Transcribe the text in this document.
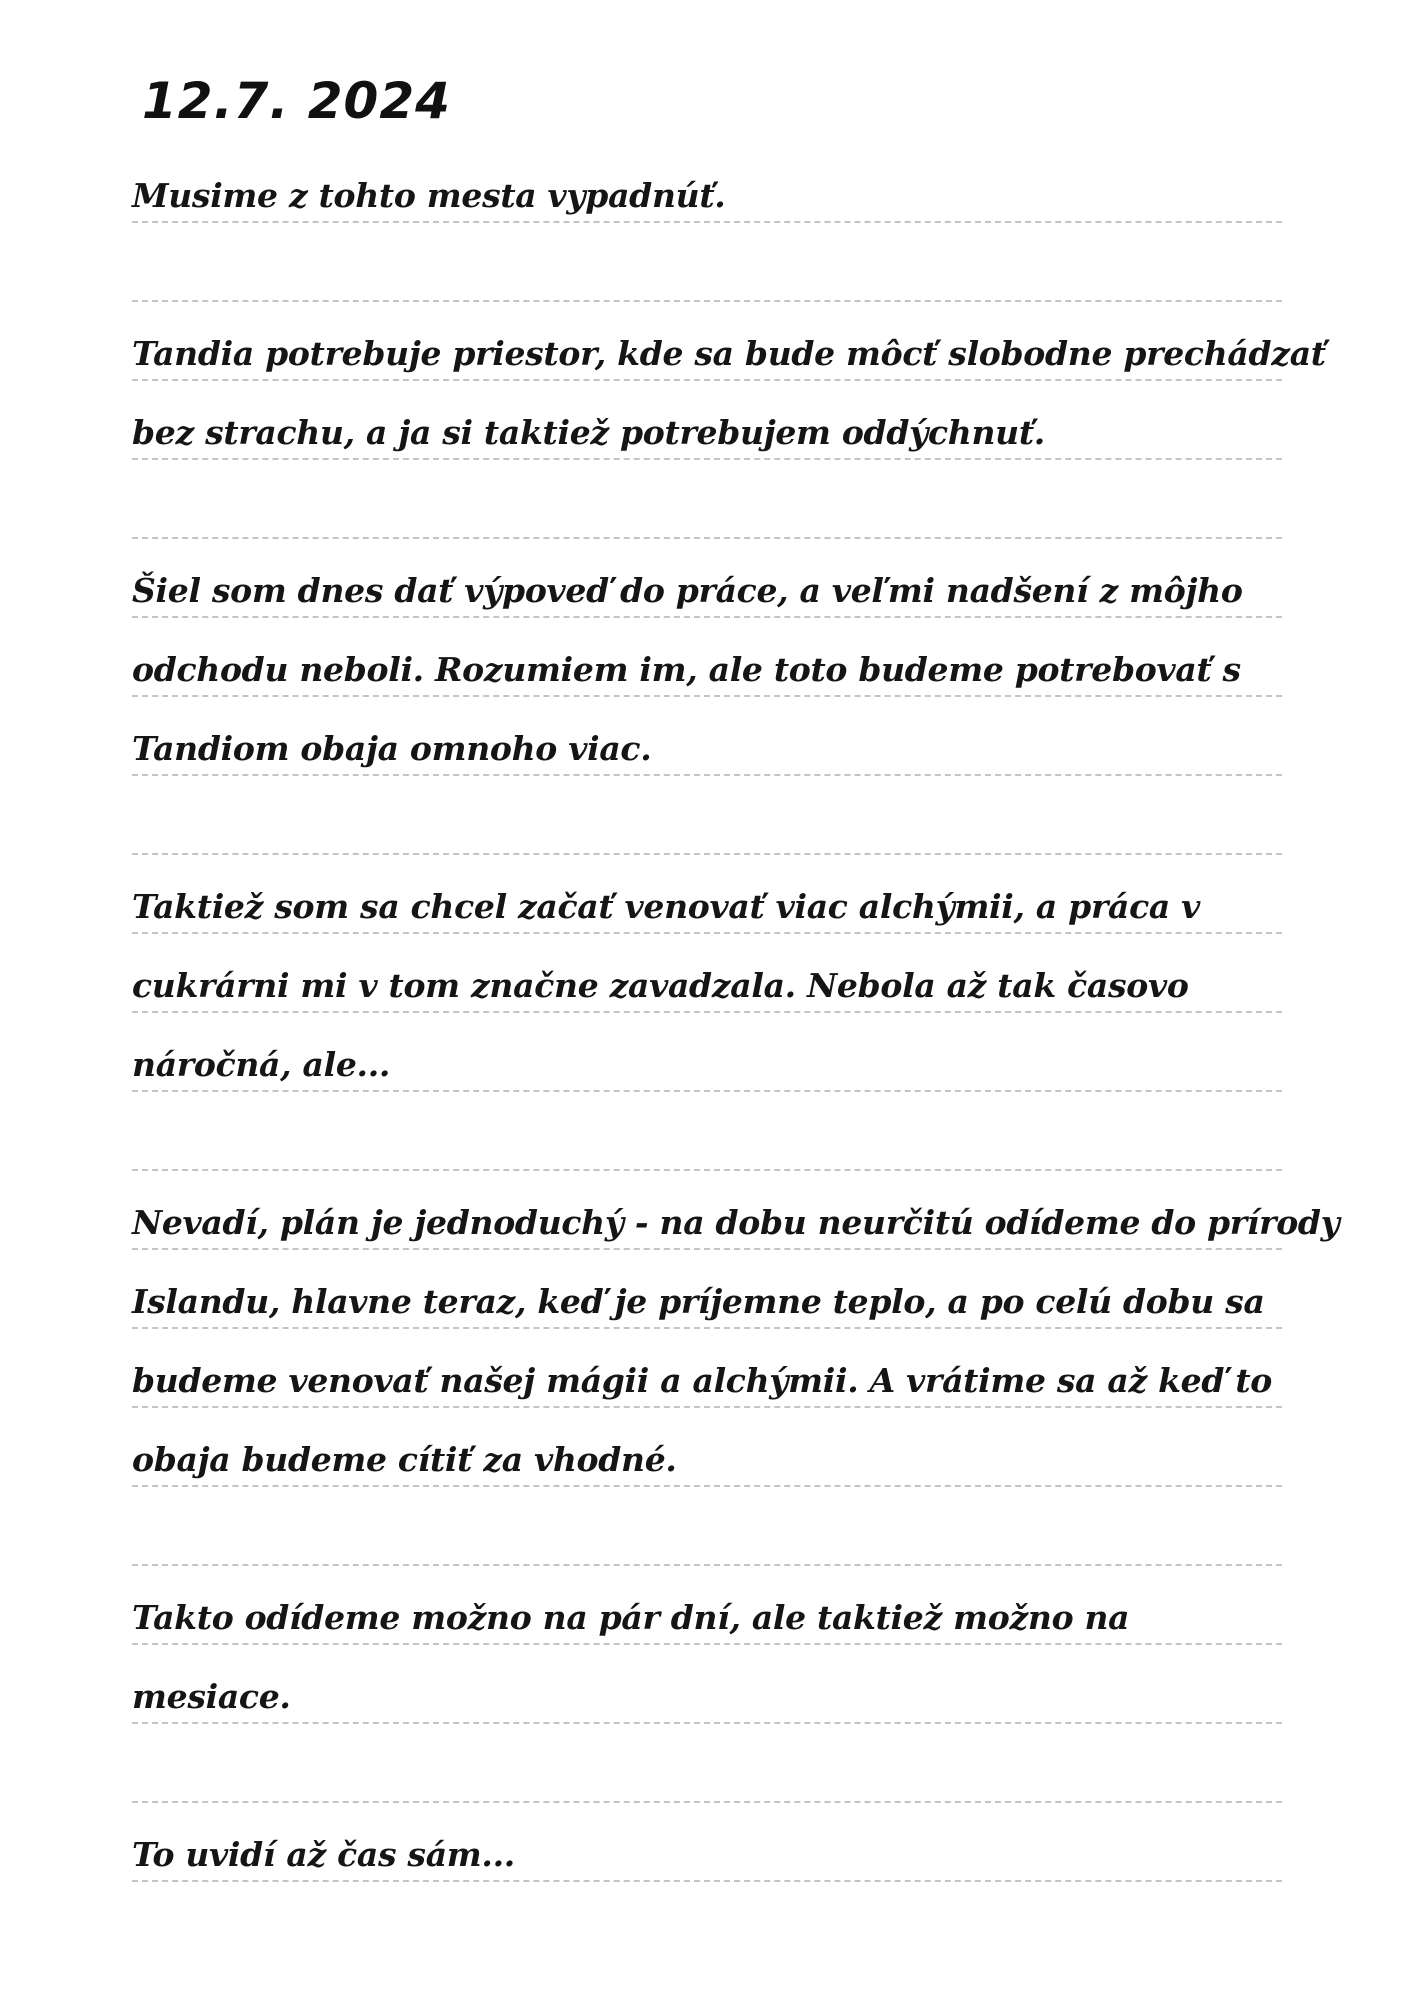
12.7. 2024
Musime z tohto mesta vypadnúť.
Tandia potrebuje priestor, kde sa bude môcť slobodne prechádzať
bez strachu, a ja si taktiež potrebujem oddýchnuť.
Šiel som dnes dať výpoveď do práce, a veľmi nadšení z môjho
odchodu neboli. Rozumiem im, ale toto budeme potrebovať s
Tandiom obaja omnoho viac.
Taktiež som sa chcel začať venovať viac alchýmii, a práca v
cukrárni mi v tom značne zavadzala. Nebola až tak časovo
náročná, ale...
Nevadí, plán je jednoduchý - na dobu neurčitú odídeme do prírody
Islandu, hlavne teraz, keď je príjemne teplo, a po celú dobu sa
budeme venovať našej mágii a alchýmii. A vrátime sa až keď to
obaja budeme cítiť za vhodné.
Takto odídeme možno na pár dní, ale taktiež možno na
mesiace.
To uvidí až čas sám...
